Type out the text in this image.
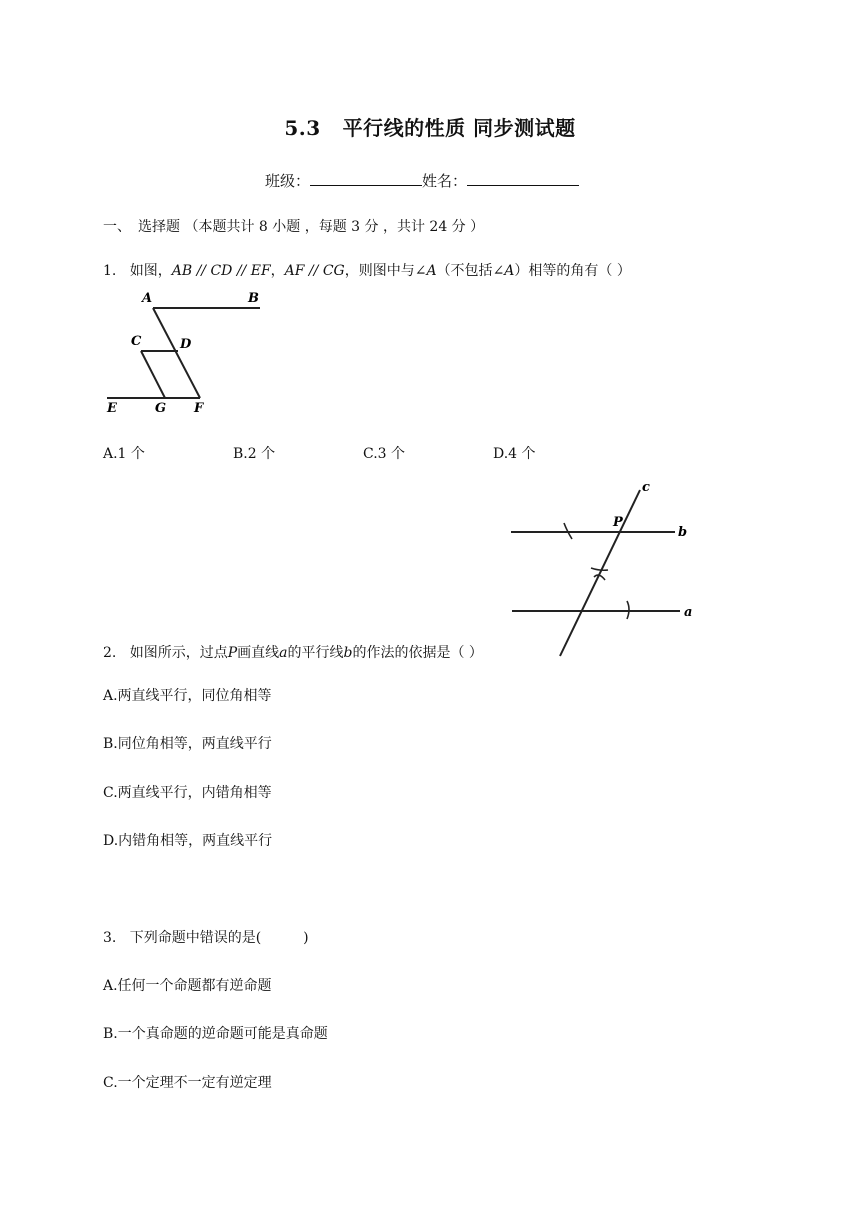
5.3 平行线的性质 同步测试题
班级：	姓名：
一、　选择题 （本题共计 8 小题 ，每题 3 分 ，共计 24 分 ）
1. 如图，AB // CD // EF，AF // CG，则图中与∠A（不包括∠A）相等的角有（ ）
A	B
C	D
E	G F
A.1 个	B.2 个	C.3 个	D.4 个
c
P
b
a
2. 如图所示，过点P画直线a的平行线b的作法的依据是（ ）
A.两直线平行，同位角相等
B.同位角相等，两直线平行
C.两直线平行，内错角相等
D.内错角相等，两直线平行
3. 下列命题中错误的是(　　　)
A.任何一个命题都有逆命题
B.一个真命题的逆命题可能是真命题
C.一个定理不一定有逆定理
